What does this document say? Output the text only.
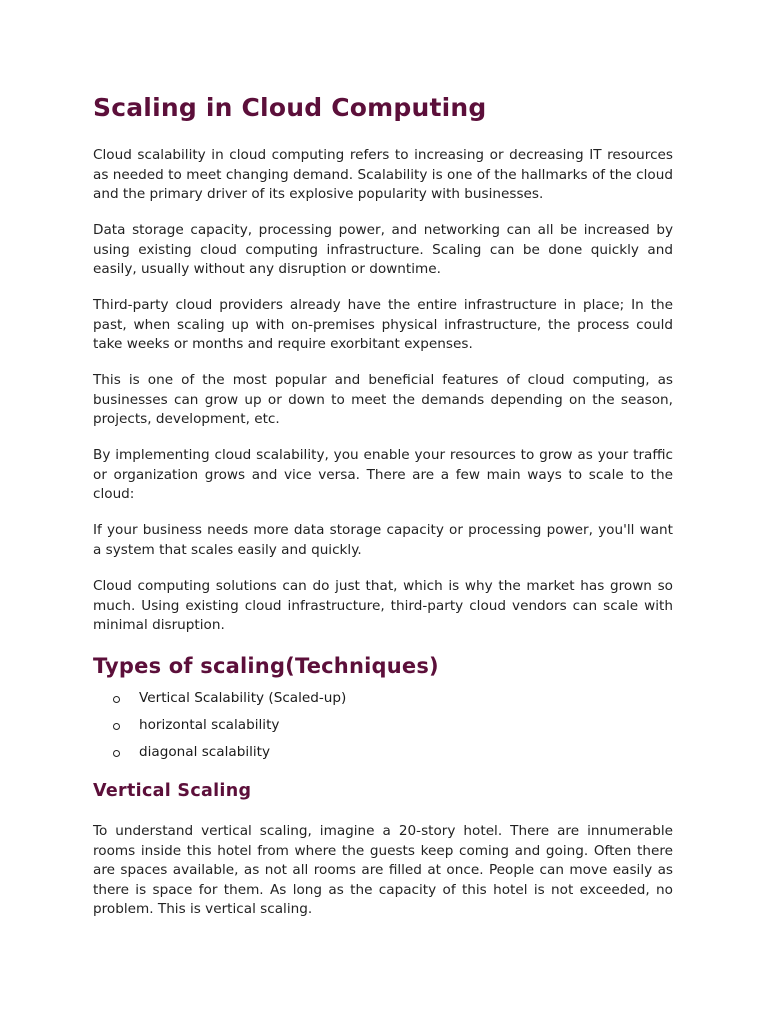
Scaling in Cloud Computing

Cloud scalability in cloud computing refers to increasing or decreasing IT resources as needed to meet changing demand. Scalability is one of the hallmarks of the cloud and the primary driver of its explosive popularity with businesses.

Data storage capacity, processing power, and networking can all be increased by using existing cloud computing infrastructure. Scaling can be done quickly and easily, usually without any disruption or downtime.

Third-party cloud providers already have the entire infrastructure in place; In the past, when scaling up with on-premises physical infrastructure, the process could take weeks or months and require exorbitant expenses.

This is one of the most popular and beneficial features of cloud computing, as businesses can grow up or down to meet the demands depending on the season, projects, development, etc.

By implementing cloud scalability, you enable your resources to grow as your traffic or organization grows and vice versa. There are a few main ways to scale to the cloud:

If your business needs more data storage capacity or processing power, you'll want a system that scales easily and quickly.

Cloud computing solutions can do just that, which is why the market has grown so much. Using existing cloud infrastructure, third-party cloud vendors can scale with minimal disruption.

Types of scaling(Techniques)
Vertical Scalability (Scaled-up)
horizontal scalability
diagonal scalability
Vertical Scaling

To understand vertical scaling, imagine a 20-story hotel. There are innumerable rooms inside this hotel from where the guests keep coming and going. Often there are spaces available, as not all rooms are filled at once. People can move easily as there is space for them. As long as the capacity of this hotel is not exceeded, no problem. This is vertical scaling.
